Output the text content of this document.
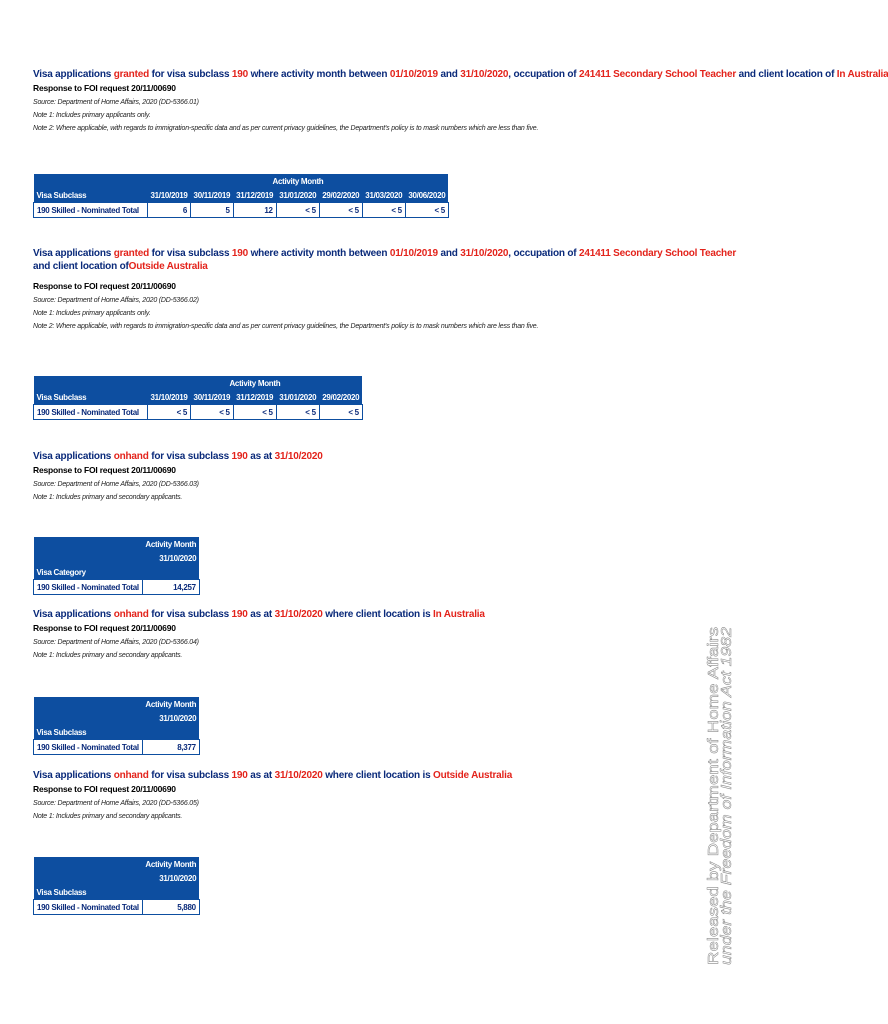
Visa applications granted for visa subclass 190 where activity month between 01/10/2019 and 31/10/2020, occupation of 241411 Secondary School Teacher and client location of In Australia
Response to FOI request 20/11/00690
Source: Department of Home Affairs, 2020 (DD-5366.01)
Note 1: Includes primary applicants only.
Note 2: Where applicable, with regards to immigration-specific data and as per current privacy guidelines, the Department's policy is to mask numbers which are less than five.
	Activity Month						
Visa Subclass	31/10/2019	30/11/2019	31/12/2019	31/01/2020	29/02/2020	31/03/2020	30/06/2020
190 Skilled - Nominated Total	6	5	12	< 5	< 5	< 5	< 5
Visa applications granted for visa subclass 190 where activity month between 01/10/2019 and 31/10/2020, occupation of 241411 Secondary School Teacher
and client location ofOutside Australia
Response to FOI request 20/11/00690
Source: Department of Home Affairs, 2020 (DD-5366.02)
Note 1: Includes primary applicants only.
Note 2: Where applicable, with regards to immigration-specific data and as per current privacy guidelines, the Department's policy is to mask numbers which are less than five.
	Activity Month				
Visa Subclass	31/10/2019	30/11/2019	31/12/2019	31/01/2020	29/02/2020
190 Skilled - Nominated Total	< 5	< 5	< 5	< 5	< 5
Visa applications onhand for visa subclass 190 as at 31/10/2020
Response to FOI request 20/11/00690
Source: Department of Home Affairs, 2020 (DD-5366.03)
Note 1: Includes primary and secondary applicants.
	Activity Month
	31/10/2020
Visa Category	
190 Skilled - Nominated Total	14,257
Visa applications onhand for visa subclass 190 as at 31/10/2020 where client location is In Australia
Response to FOI request 20/11/00690
Source: Department of Home Affairs, 2020 (DD-5366.04)
Note 1: Includes primary and secondary applicants.
	Activity Month
	31/10/2020
Visa Subclass	
190 Skilled - Nominated Total	8,377
Visa applications onhand for visa subclass 190 as at 31/10/2020 where client location is Outside Australia
Response to FOI request 20/11/00690
Source: Department of Home Affairs, 2020 (DD-5366.05)
Note 1: Includes primary and secondary applicants.
	Activity Month
	31/10/2020
Visa Subclass	
190 Skilled - Nominated Total	5,880	Released by Department of Home Affairs
under the Freedom of Information Act 1982
